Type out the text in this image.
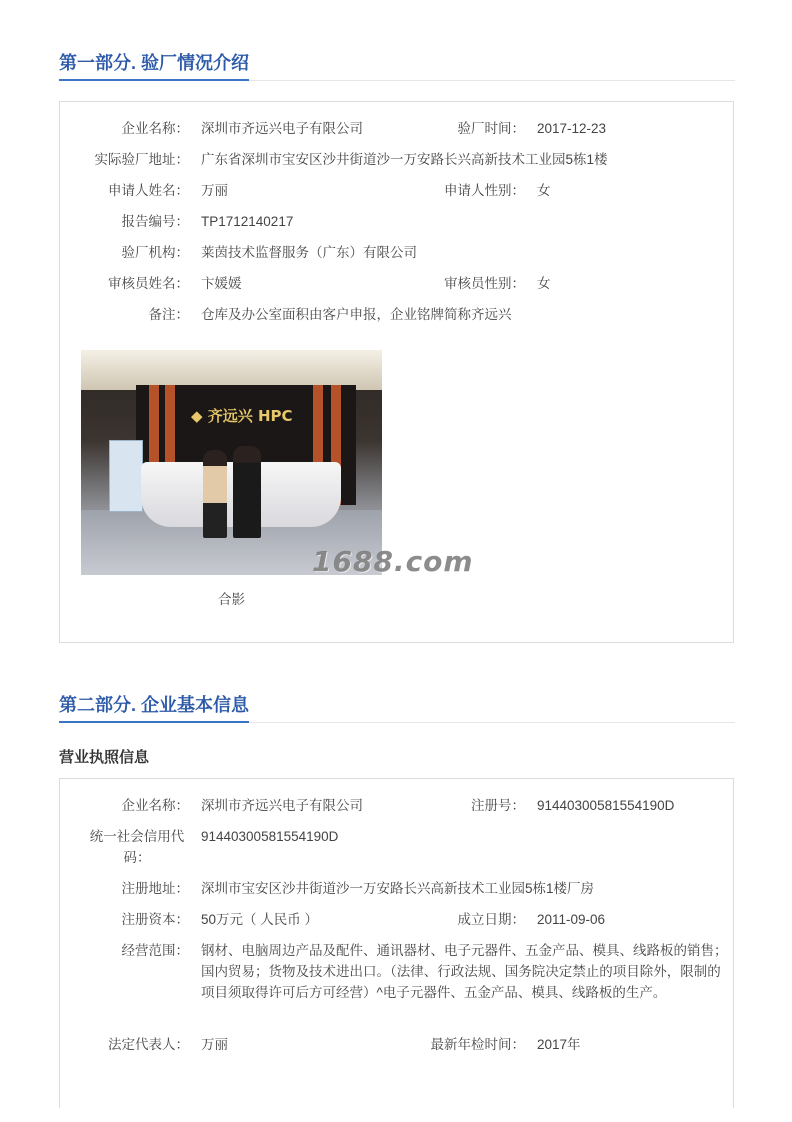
第一部分. 验厂情况介绍
企业名称： 深圳市齐远兴电子有限公司	验厂时间： 2017-12-23
实际验厂地址： 广东省深圳市宝安区沙井街道沙一万安路长兴高新技术工业园5栋1楼
申请人姓名： 万丽	申请人性别： 女
报告编号： TP1712140217
验厂机构： 莱茵技术监督服务（广东）有限公司
审核员姓名： 卞媛媛	审核员性别： 女
备注： 仓库及办公室面积由客户申报，企业铭牌简称齐远兴
◆ 齐远兴 HPC
1688.com
合影
第二部分. 企业基本信息
营业执照信息
企业名称： 深圳市齐远兴电子有限公司	注册号： 91440300581554190D
统一社会信用代码：
91440300581554190D
注册地址： 深圳市宝安区沙井街道沙一万安路长兴高新技术工业园5栋1楼厂房
注册资本： 50万元（ 人民币 ）	成立日期： 2011-09-06
经营范围： 钢材、电脑周边产品及配件、通讯器材、电子元器件、五金产品、模具、线路板的销售；国内贸易；货物及技术进出口。（法律、行政法规、国务院决定禁止的项目除外，限制的项目须取得许可后方可经营）^电子元器件、五金产品、模具、线路板的生产。
法定代表人： 万丽	最新年检时间： 2017年
